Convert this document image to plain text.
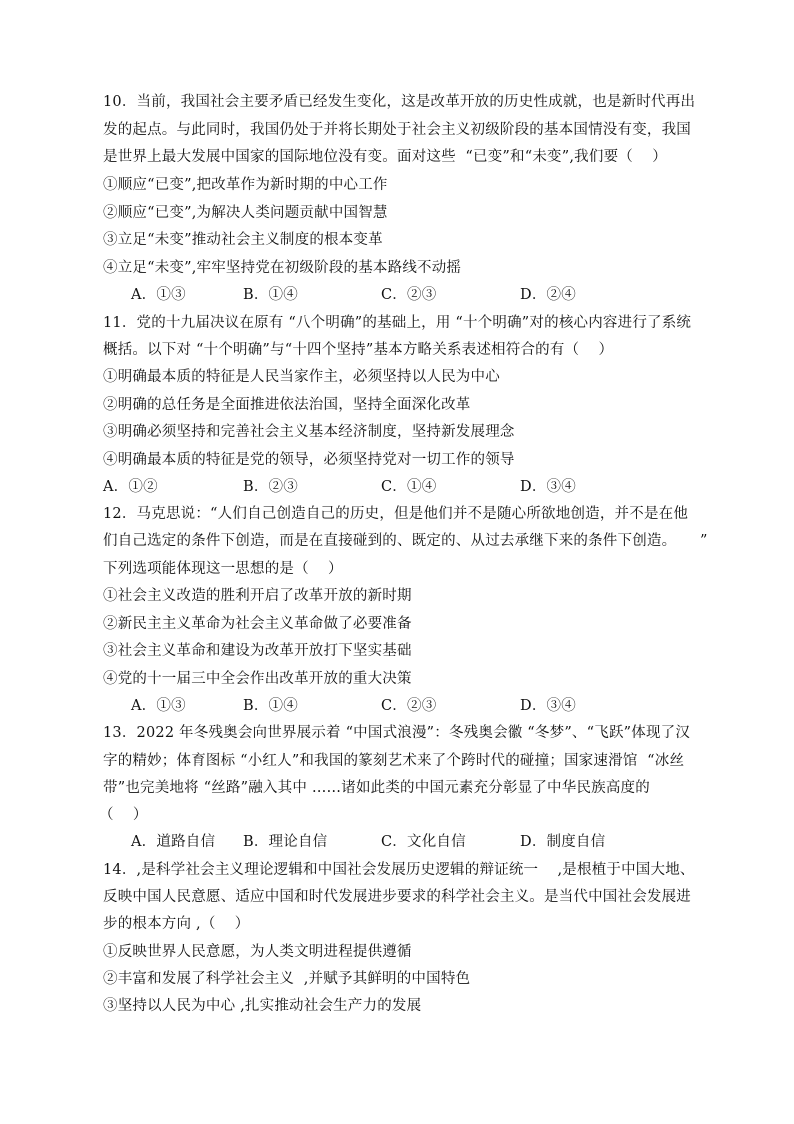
10．当前，我国社会主要矛盾已经发生变化，这是改革开放的历史性成就，也是新时代再出
发的起点。与此同时，我国仍处于并将长期处于社会主义初级阶段的基本国情没有变，我国
是世界上最大发展中国家的国际地位没有变。面对这些  “已变”和“未变”,我们要（    ）
①顺应“已变”,把改革作为新时期的中心工作
②顺应“已变”,为解决人类问题贡献中国智慧
③立足“未变”推动社会主义制度的根本变革
④立足“未变”,牢牢坚持党在初级阶段的基本路线不动摇
A．①③	B．①④	C．②③	D．②④
11．党的十九届决议在原有 “八个明确”的基础上，用 “十个明确”对的核心内容进行了系统
概括。以下对 “十个明确”与“十四个坚持”基本方略关系表述相符合的有（    ）
①明确最本质的特征是人民当家作主，必须坚持以人民为中心
②明确的总任务是全面推进依法治国，坚持全面深化改革
③明确必须坚持和完善社会主义基本经济制度，坚持新发展理念
④明确最本质的特征是党的领导，必须坚持党对一切工作的领导
A．①②	B．②③	C．①④	D．③④
12．马克思说：“人们自己创造自己的历史，但是他们并不是随心所欲地创造，并不是在他
们自己选定的条件下创造，而是在直接碰到的、既定的、从过去承继下来的条件下创造。 ”
下列选项能体现这一思想的是（    ）
①社会主义改造的胜利开启了改革开放的新时期
②新民主主义革命为社会主义革命做了必要准备
③社会主义革命和建设为改革开放打下坚实基础
④党的十一届三中全会作出改革开放的重大决策
A．①③	B．①④	C．②③	D．③④
13．2022 年冬残奥会向世界展示着 “中国式浪漫”：冬残奥会徽 “冬梦”、“飞跃”体现了汉
字的精妙；体育图标 “小红人”和我国的篆刻艺术来了个跨时代的碰撞；国家速滑馆  “冰丝
带”也完美地将 “丝路”融入其中 ……诸如此类的中国元素充分彰显了中华民族高度的
（    ）
A．道路自信 B．理论自信	C．文化自信	D．制度自信
14．,是科学社会主义理论逻辑和中国社会发展历史逻辑的辩证统一    ,是根植于中国大地、
反映中国人民意愿、适应中国和时代发展进步要求的科学社会主义。是当代中国社会发展进
步的根本方向 ,（    ）
①反映世界人民意愿，为人类文明进程提供遵循
②丰富和发展了科学社会主义  ,并赋予其鲜明的中国特色
③坚持以人民为中心 ,扎实推动社会生产力的发展
